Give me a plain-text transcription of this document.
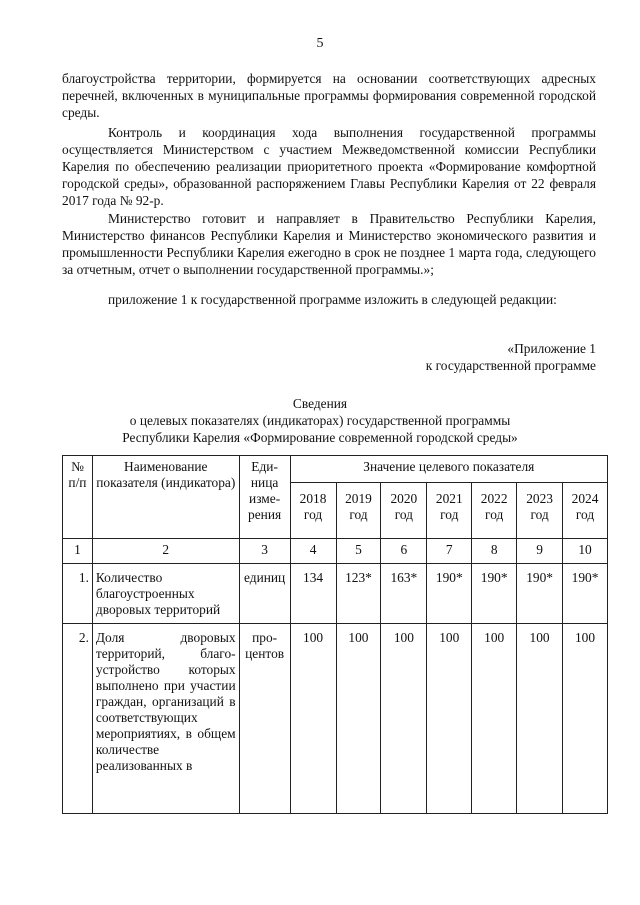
5

благоустройства территории, формируется на основании соответствующих адресных перечней, включенных в муниципальные программы формирования современной городской среды.

Контроль и координация хода выполнения государственной программы осуществляется Министерством с участием Межведомственной комиссии Республики Карелия по обеспечению реализации приоритетного проекта «Формирование комфортной городской среды», образованной распоряжением Главы Республики Карелия от 22 февраля 2017 года № 92-р.

Министерство готовит и направляет в Правительство Республики Карелия, Министерство финансов Республики Карелия и Министерство экономического развития и промышленности Республики Карелия ежегодно в срок не позднее 1 марта года, следующего за отчетным, отчет о выполнении государственной программы.»;

приложение 1 к государственной программе изложить в следующей редакции:

«Приложение 1
к государственной программе
Сведения
о целевых показателях (индикаторах) государственной программы
Республики Карелия «Формирование современной городской среды»
№ п/п	Наименование показателя (индикатора)	Еди- ница изме- рения	Значение целевого показателя						
			2018 год	2019 год	2020 год	2021 год	2022 год	2023 год	2024 год
1	2	3	4	5	6	7	8	9	10
1.	Количество благоустроенных дворовых территорий	единиц	134	123*	163*	190*	190*	190*	190*
2.	Доля дворовых территорий, благо- устройство которых выполнено при участии граждан, организаций в соответствующих мероприятиях, в общем количестве реализованных в	про- центов	100	100	100	100	100	100	100
